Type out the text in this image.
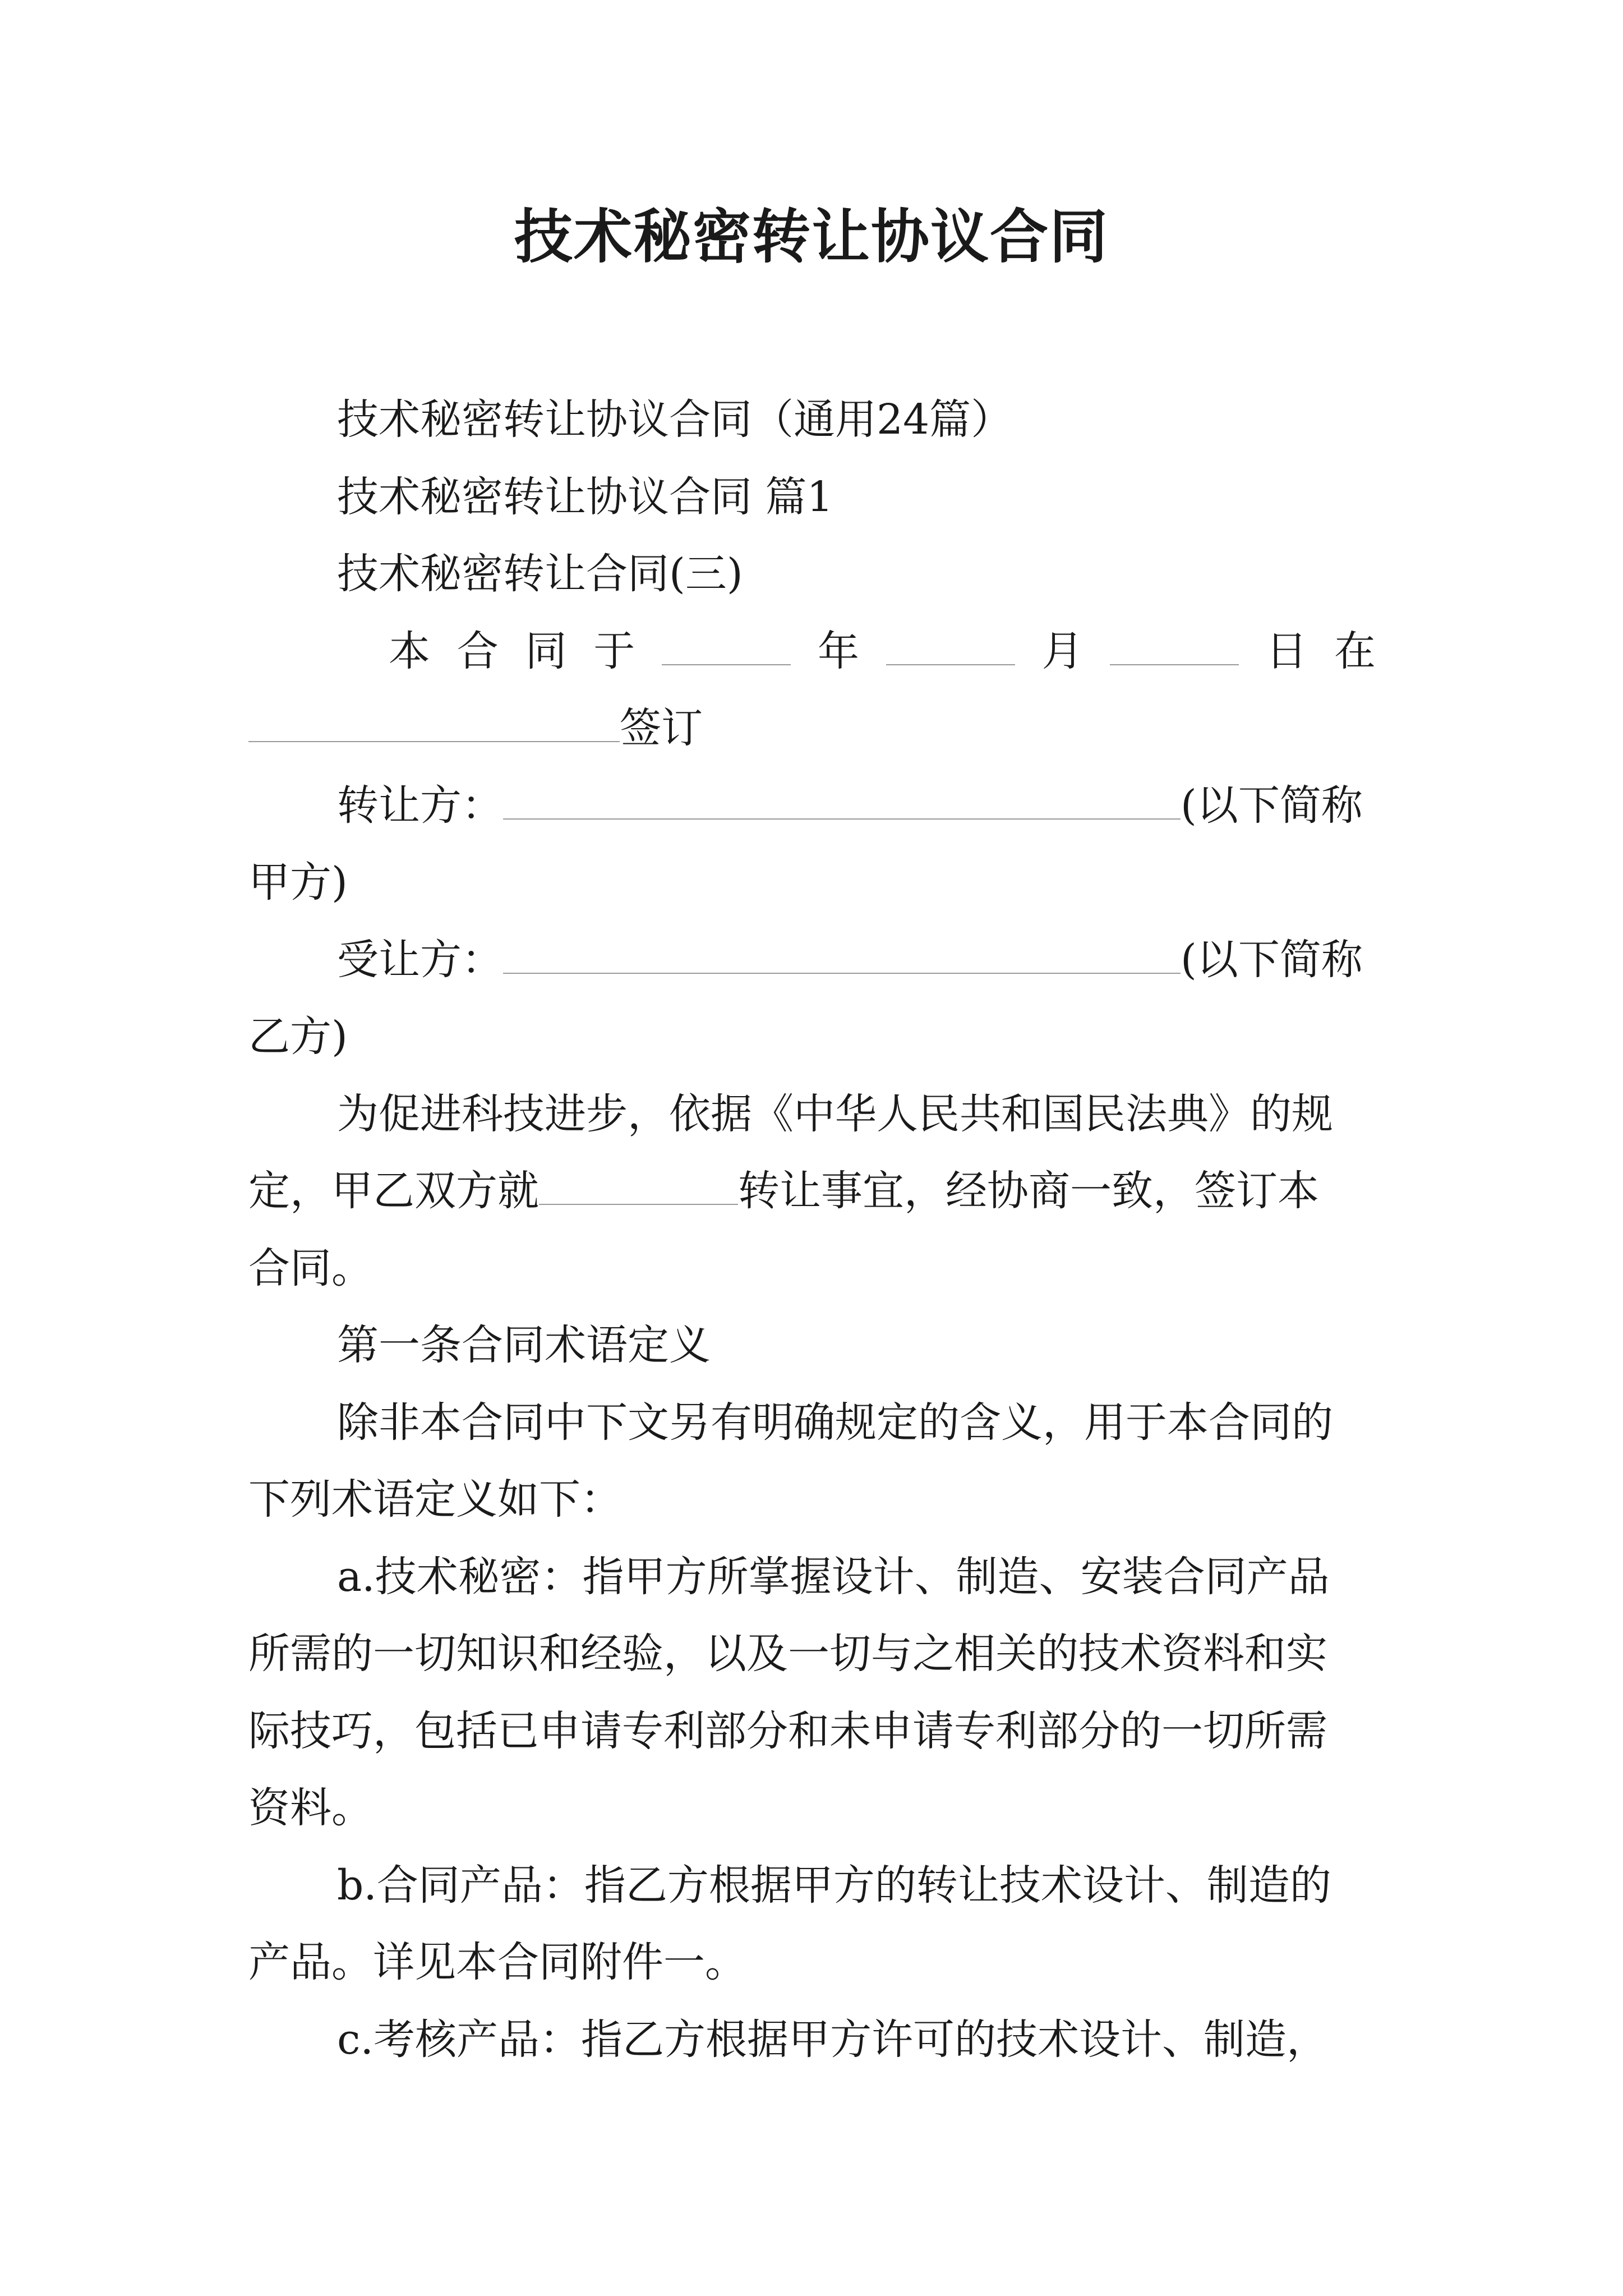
技术秘密转让协议合同
技术秘密转让协议合同（通用24篇）
技术秘密转让协议合同 篇1
技术秘密转让合同(三)
本 合 同 于	年	月	日 在
签订
转让方：	(以下简称
甲方)
受让方：	(以下简称
乙方)
为促进科技进步，依据《中华人民共和国民法典》的规
定，甲乙双方就	转让事宜，经协商一致，签订本
合同。
第一条合同术语定义
除非本合同中下文另有明确规定的含义，用于本合同的
下列术语定义如下：
a.技术秘密：指甲方所掌握设计、制造、安装合同产品
所需的一切知识和经验，以及一切与之相关的技术资料和实
际技巧，包括已申请专利部分和未申请专利部分的一切所需
资料。
b.合同产品：指乙方根据甲方的转让技术设计、制造的
产品。详见本合同附件一。
c.考核产品：指乙方根据甲方许可的技术设计、制造，
